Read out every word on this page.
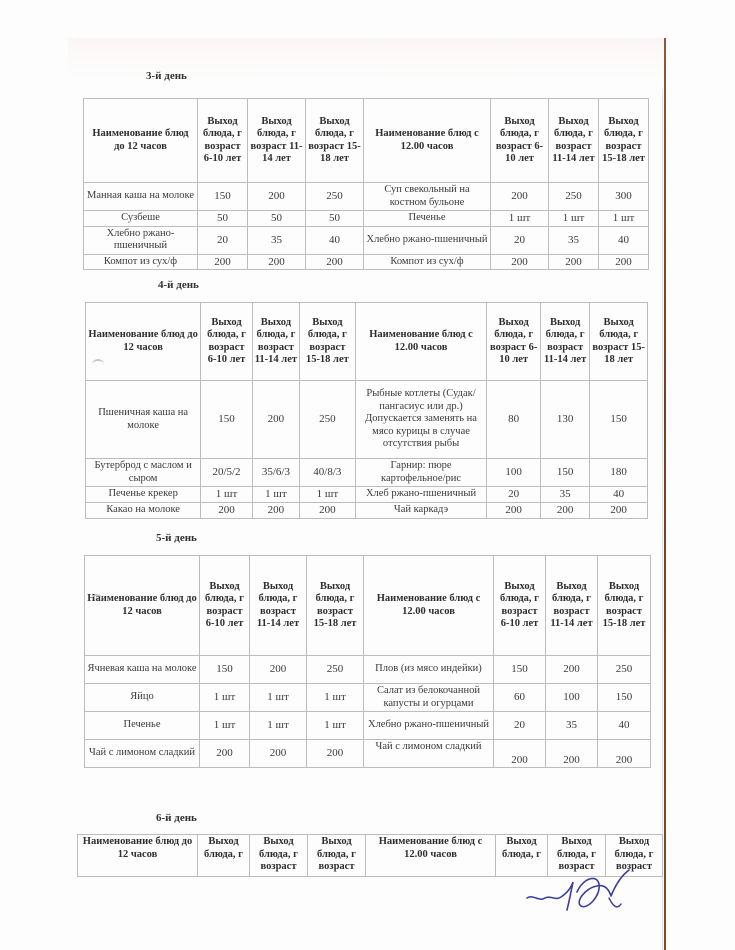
3-й день
Наименование блюд до 12 часов	Выход блюда, г возраст 6-10 лет	Выход блюда, г возраст 11-14 лет	Выход блюда, г возраст 15-18 лет	Наименование блюд с 12.00 часов	Выход блюда, г возраст 6-10 лет	Выход блюда, г возраст 11-14 лет	Выход блюда, г возраст 15-18 лет
Манная каша на молоке	150	200	250	Суп свекольный на костном бульоне	200	250	300
Сузбеше	50	50	50	Печенье	1 шт	1 шт	1 шт
Хлебно ржано-пшеничный	20	35	40	Хлебно ржано-пшеничный	20	35	40
Компот из сух/ф	200	200	200	Компот из сух/ф	200	200	200
4-й день
Наименование блюд до 12 часов	Выход блюда, г возраст 6-10 лет	Выход блюда, г возраст 11-14 лет	Выход блюда, г возраст 15-18 лет	Наименование блюд с 12.00 часов	Выход блюда, г возраст 6-10 лет	Выход блюда, г возраст 11-14 лет	Выход блюда, г возраст 15-18 лет
Пшеничная каша на молоке	150	200	250	Рыбные котлеты (Судак/пангасиус или др.) Допускается заменять на мясо курицы в случае отсутствия рыбы	80	130	150
Бутерброд с маслом и сыром	20/5/2	35/6/3	40/8/3	Гарнир: пюре картофельное/рис	100	150	180
Печенье крекер	1 шт	1 шт	1 шт	Хлеб ржано-пшеничный	20	35	40
Какао на молоке	200	200	200	Чай каркадэ	200	200	200
5-й день
Наименование блюд до 12 часов	Выход блюда, г возраст 6-10 лет	Выход блюда, г возраст 11-14 лет	Выход блюда, г возраст 15-18 лет	Наименование блюд с 12.00 часов	Выход блюда, г возраст 6-10 лет	Выход блюда, г возраст 11-14 лет	Выход блюда, г возраст 15-18 лет
Ячневая каша на молоке	150	200	250	Плов (из мясо индейки)	150	200	250
Яйцо	1 шт	1 шт	1 шт	Салат из белокочанной капусты и огурцами	60	100	150
Печенье	1 шт	1 шт	1 шт	Хлебно ржано-пшеничный	20	35	40
Чай с лимоном сладкий	200	200	200	Чай с лимоном сладкий	200	200	200
6-й день
Наименование блюд до 12 часов	Выход блюда, г	Выход блюда, г возраст	Выход блюда, г возраст	Наименование блюд с 12.00 часов	Выход блюда, г	Выход блюда, г возраст	Выход блюда, г возраст
